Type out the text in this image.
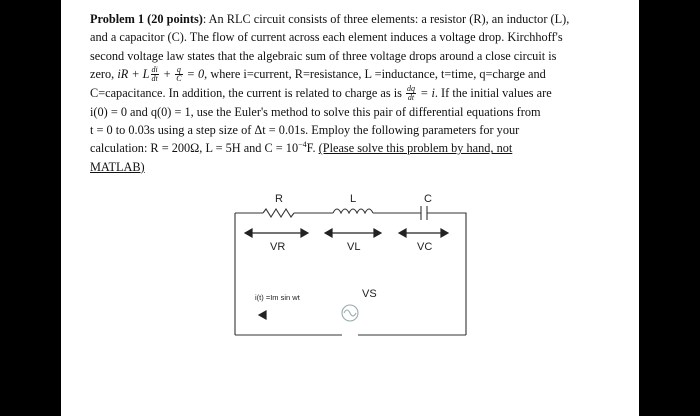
Problem 1 (20 points): An RLC circuit consists of three elements: a resistor (R), an inductor (L),

and a capacitor (C). The flow of current across each element induces a voltage drop. Kirchhoff's

second voltage law states that the algebraic sum of three voltage drops around a close circuit is

zero, iR + L $\frac{di}{dt} + \frac{q}{C} = 0$, where i=current, R=resistance, L =inductance, t=time, q=charge and

C=capacitance. In addition, the current is related to charge as is $\frac{dq}{dt} = i$. If the initial values are

i(0) = 0 and q(0) = 1, use the Euler's method to solve this pair of differential equations from

t = 0 to 0.03s using a step size of Δt = 0.01s. Employ the following parameters for your

calculation: R = 200Ω, L = 5H and $C = 10^{-4}F$. (Please solve this problem by hand, not

MATLAB)

R	L	C
VR	VL	VC
VS
i(t) =Im sin wt
